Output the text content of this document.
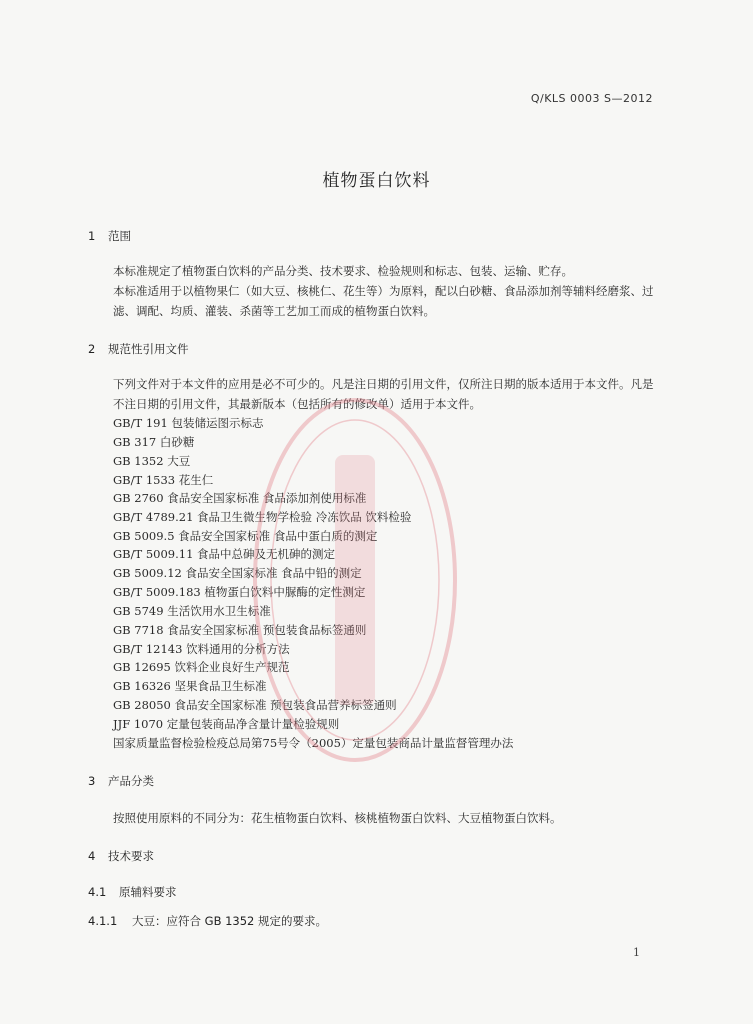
Q/KLS 0003 S—2012
植物蛋白饮料
1 范围
本标准规定了植物蛋白饮料的产品分类、技术要求、检验规则和标志、包装、运输、贮存。
本标准适用于以植物果仁（如大豆、核桃仁、花生等）为原料，配以白砂糖、食品添加剂等辅料经磨浆、过滤、调配、均质、灌装、杀菌等工艺加工而成的植物蛋白饮料。
2 规范性引用文件
下列文件对于本文件的应用是必不可少的。凡是注日期的引用文件，仅所注日期的版本适用于本文件。凡是不注日期的引用文件，其最新版本（包括所有的修改单）适用于本文件。
GB/T 191 包装储运图示标志
GB 317 白砂糖
GB 1352 大豆
GB/T 1533 花生仁
GB 2760 食品安全国家标准 食品添加剂使用标准
GB/T 4789.21 食品卫生微生物学检验 冷冻饮品 饮料检验
GB 5009.5 食品安全国家标准 食品中蛋白质的测定
GB/T 5009.11 食品中总砷及无机砷的测定
GB 5009.12 食品安全国家标准 食品中铅的测定
GB/T 5009.183 植物蛋白饮料中脲酶的定性测定
GB 5749 生活饮用水卫生标准
GB 7718 食品安全国家标准 预包装食品标签通则
GB/T 12143 饮料通用的分析方法
GB 12695 饮料企业良好生产规范
GB 16326 坚果食品卫生标准
GB 28050 食品安全国家标准 预包装食品营养标签通则
JJF 1070 定量包装商品净含量计量检验规则
国家质量监督检验检疫总局第75号令（2005）定量包装商品计量监督管理办法
3 产品分类
按照使用原料的不同分为：花生植物蛋白饮料、核桃植物蛋白饮料、大豆植物蛋白饮料。
4 技术要求
4.1 原辅料要求
4.1.1 大豆：应符合 GB 1352 规定的要求。
1
